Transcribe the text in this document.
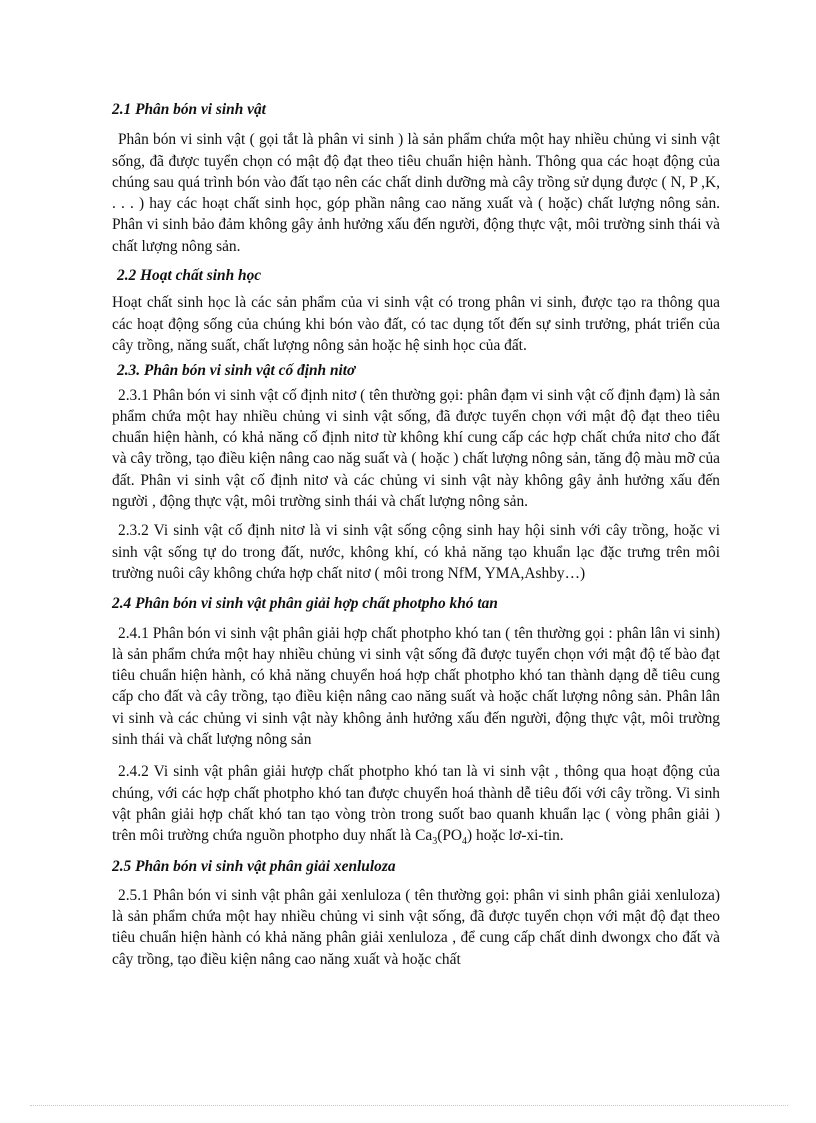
2.1 Phân bón vi sinh vật

Phân bón vi sinh vật ( gọi tắt là phân vi sinh ) là sản phẩm chứa một hay nhiều chủng vi sinh vật sống, đã được tuyển chọn có mật độ đạt theo tiêu chuẩn hiện hành. Thông qua các hoạt động của chúng sau quá trình bón vào đất tạo nên các chất dinh dưỡng mà cây trồng sử dụng được ( N, P ,K, . . . ) hay các hoạt chất sinh học, góp phần nâng cao năng xuất và ( hoặc) chất lượng nông sản. Phân vi sinh bảo đảm không gây ảnh hưởng xấu đến người, động thực vật, môi trường sinh thái và chất lượng nông sản.

2.2 Hoạt chất sinh học

Hoạt chất sinh học là các sản phẩm của vi sinh vật có trong phân vi sinh, được tạo ra thông qua các hoạt động sống của chúng khi bón vào đất, có tac dụng tốt đến sự sinh trưởng, phát triển của cây trồng, năng suất, chất lượng nông sản hoặc hệ sinh học của đất.

2.3. Phân bón vi sinh vật cố định nitơ

2.3.1 Phân bón vi sinh vật cố định nitơ ( tên thường gọi: phân đạm vi sinh vật cố định đạm) là sản phẩm chứa một hay nhiều chủng vi sinh vật sống, đã được tuyển chọn với mật độ đạt theo tiêu chuẩn hiện hành, có khả năng cố định nitơ từ không khí cung cấp các hợp chất chứa nitơ cho đất và cây trồng, tạo điều kiện nâng cao năg suất và ( hoặc ) chất lượng nông sản, tăng độ màu mỡ của đất. Phân vi sinh vật cố định nitơ và các chủng vi sinh vật này không gây ảnh hưởng xấu đến người , động thực vật, môi trường sinh thái và chất lượng nông sản.

2.3.2 Vi sinh vật cố định nitơ là vi sinh vật sống cộng sinh hay hội sinh với cây trồng, hoặc vi sinh vật sống tự do trong đất, nước, không khí, có khả năng tạo khuẩn lạc đặc trưng trên môi trường nuôi cây không chứa hợp chất nitơ ( môi trong NfM, YMA,Ashby…)

2.4 Phân bón vi sinh vật phân giải hợp chất photpho khó tan

2.4.1 Phân bón vi sinh vật phân giải hợp chất photpho khó tan ( tên thường gọi : phân lân vi sinh) là sản phẩm chứa một hay nhiều chủng vi sinh vật sống đã được tuyển chọn với mật độ tế bào đạt tiêu chuẩn hiện hành, có khả năng chuyển hoá hợp chất photpho khó tan thành dạng dễ tiêu cung cấp cho đất và cây trồng, tạo điều kiện nâng cao năng suất và hoặc chất lượng nông sản. Phân lân vi sinh và các chủng vi sinh vật này không ảnh hưởng xấu đến người, động thực vật, môi trường sinh thái và chất lượng nông sản

2.4.2 Vi sinh vật phân giải hượp chất photpho khó tan là vi sinh vật , thông qua hoạt động của chúng, với các hợp chất photpho khó tan được chuyển hoá thành dễ tiêu đối với cây trồng. Vi sinh vật phân giải hợp chất khó tan tạo vòng tròn trong suốt bao quanh khuẩn lạc ( vòng phân giải ) trên môi trường chứa nguồn photpho duy nhất là $Ca_3(PO_4)$ hoặc lơ-xi-tin.

2.5 Phân bón vi sinh vật phân giải xenluloza

2.5.1 Phân bón vi sinh vật phân gải xenluloza ( tên thường gọi: phân vi sinh phân giải xenluloza) là sản phẩm chứa một hay nhiều chủng vi sinh vật sống, đã được tuyển chọn với mật độ đạt theo tiêu chuẩn hiện hành có khả năng phân giải xenluloza , để cung cấp chất dinh dwongx cho đất và cây trồng, tạo điều kiện nâng cao năng xuất và hoặc chất
